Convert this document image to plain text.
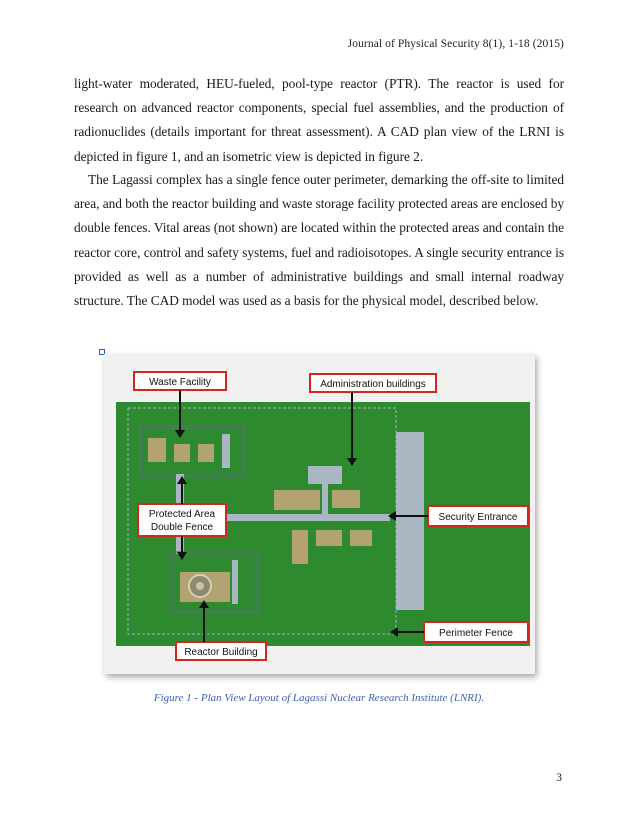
Journal of Physical Security 8(1), 1-18 (2015)

light-water moderated, HEU-fueled, pool-type reactor (PTR). The reactor is used for research on advanced reactor components, special fuel assemblies, and the production of radionuclides (details important for threat assessment). A CAD plan view of the LRNI is depicted in figure 1, and an isometric view is depicted in figure 2.

The Lagassi complex has a single fence outer perimeter, demarking the off-site to limited area, and both the reactor building and waste storage facility protected areas are enclosed by double fences. Vital areas (not shown) are located within the protected areas and contain the reactor core, control and safety systems, fuel and radioisotopes. A single security entrance is provided as well as a number of administrative buildings and small internal roadway structure. The CAD model was used as a basis for the physical model, described below.

Waste Facility	Administration buildings
Protected Area
Double Fence
Security Entrance
Perimeter Fence
Reactor Building
Figure 1 - Plan View Layout of Lagassi Nuclear Research Institute (LNRI).
3
